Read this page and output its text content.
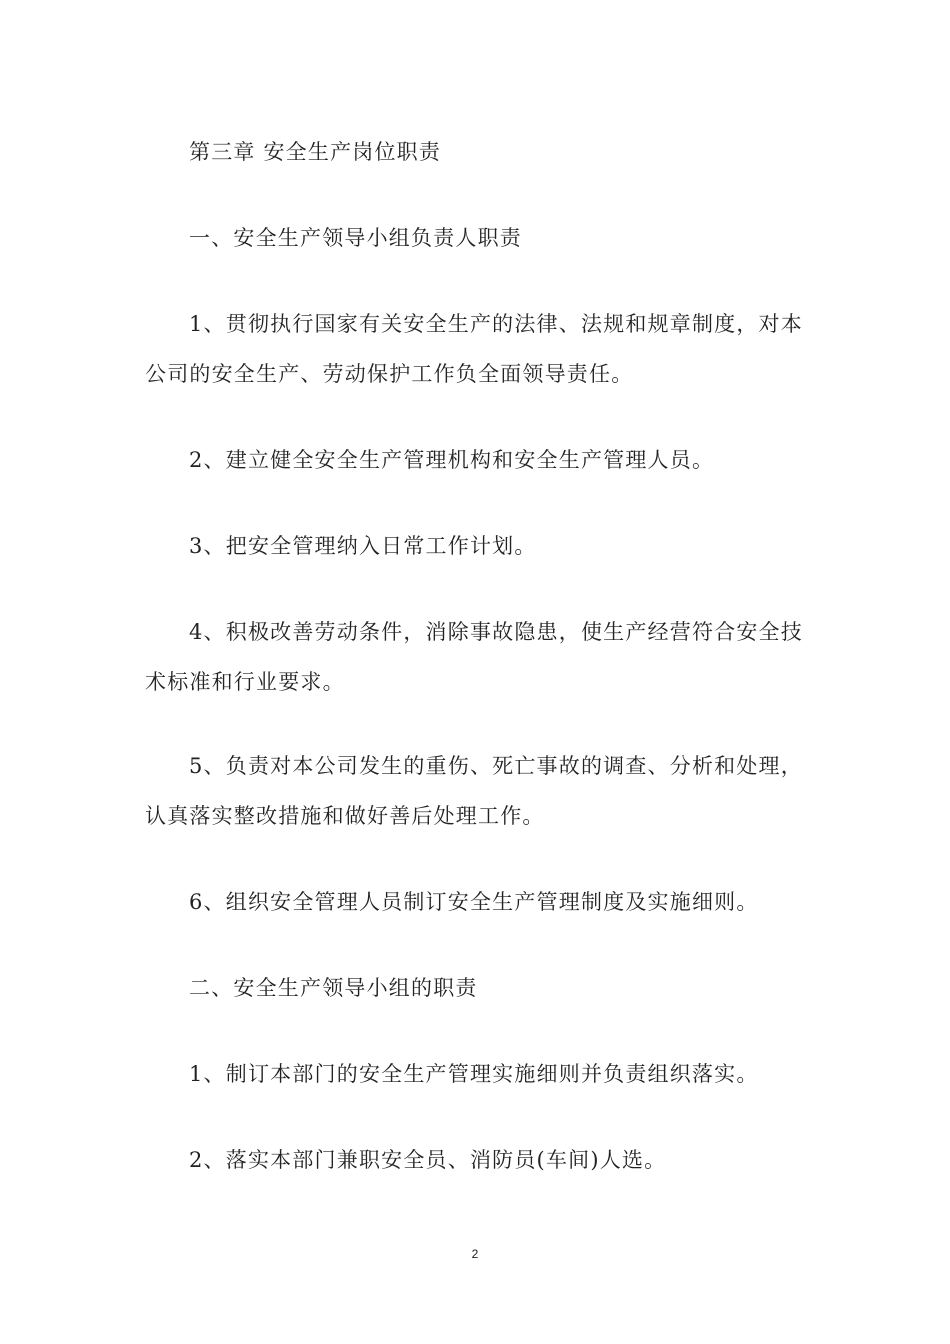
第三章 安全生产岗位职责

一、安全生产领导小组负责人职责

1、贯彻执行国家有关安全生产的法律、法规和规章制度，对本公司的安全生产、劳动保护工作负全面领导责任。

2、建立健全安全生产管理机构和安全生产管理人员。

3、把安全管理纳入日常工作计划。

4、积极改善劳动条件，消除事故隐患，使生产经营符合安全技术标准和行业要求。

5、负责对本公司发生的重伤、死亡事故的调查、分析和处理，认真落实整改措施和做好善后处理工作。

6、组织安全管理人员制订安全生产管理制度及实施细则。

二、安全生产领导小组的职责

1、制订本部门的安全生产管理实施细则并负责组织落实。

2、落实本部门兼职安全员、消防员(车间)人选。

2
